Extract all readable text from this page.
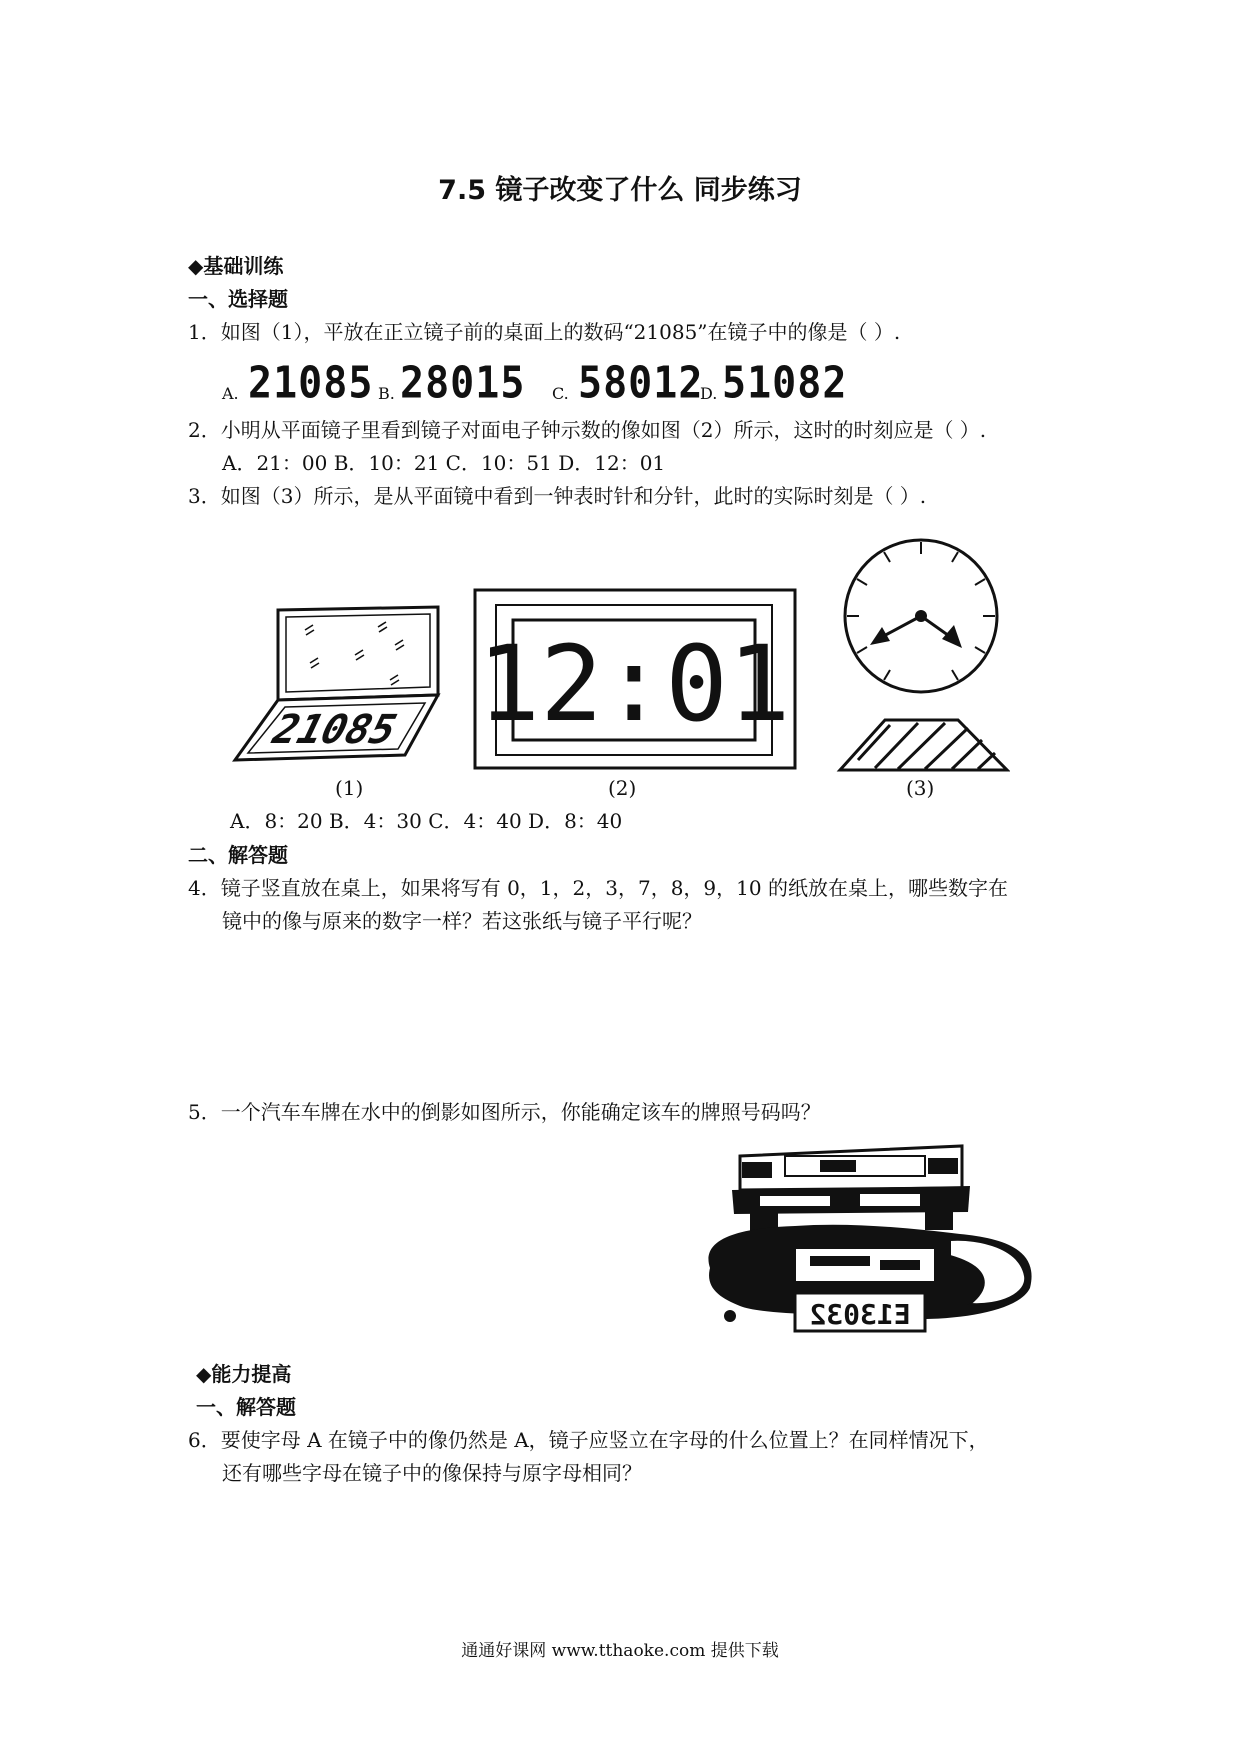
7.5 镜子改变了什么 同步练习
◆基础训练
一、选择题
1．如图（1），平放在正立镜子前的桌面上的数码“21085”在镜子中的像是（ ）.
A. 21085 B. 28015 C. 58012
D. 51082
2．小明从平面镜子里看到镜子对面电子钟示数的像如图（2）所示，这时的时刻应是（ ）.
A．21：00 B．10：21 C．10：51 D．12：01
3．如图（3）所示，是从平面镜中看到一钟表时针和分针，此时的实际时刻是（ ）.
21085 12:01
(1)	(2)	(3)
A．8：20 B．4：30 C．4：40 D．8：40
二、解答题
4．镜子竖直放在桌上，如果将写有 0，1，2，3，7，8，9，10 的纸放在桌上，哪些数字在
镜中的像与原来的数字一样？若这张纸与镜子平行呢？
5．一个汽车车牌在水中的倒影如图所示，你能确定该车的牌照号码吗？
E13032
◆能力提高
一、解答题
6．要使字母 A 在镜子中的像仍然是 A，镜子应竖立在字母的什么位置上？在同样情况下，
还有哪些字母在镜子中的像保持与原字母相同？
通通好课网 www.tthaoke.com 提供下载
